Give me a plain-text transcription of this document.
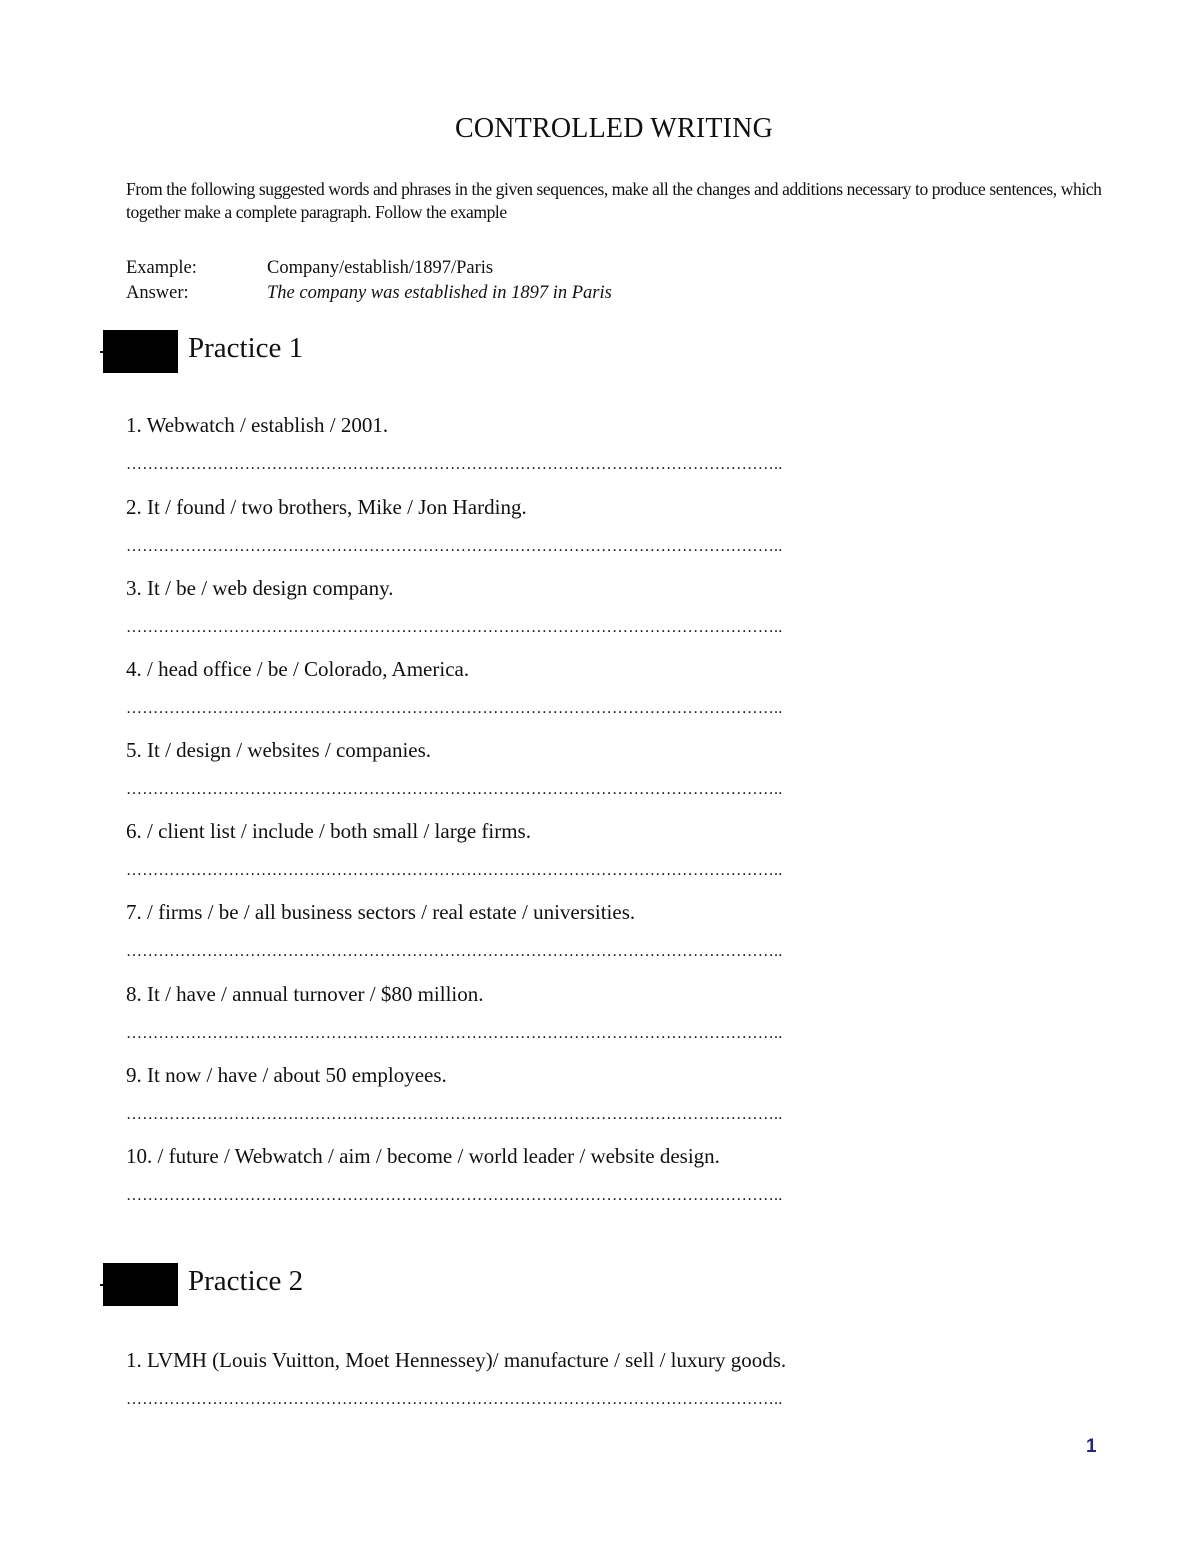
CONTROLLED WRITING
From the following suggested words and phrases in the given sequences, make all the changes and additions necessary to produce sentences, which together make a complete paragraph. Follow the example
Example:	Company/establish/1897/Paris
Answer:	The company was established in 1897 in Paris
Practice 1
1. Webwatch / establish / 2001.
…………………………………………………………………………………………………………..
2. It / found / two brothers, Mike / Jon Harding.
…………………………………………………………………………………………………………..
3. It / be / web design company.
…………………………………………………………………………………………………………..
4. / head office / be / Colorado, America.
…………………………………………………………………………………………………………..
5. It / design / websites / companies.
…………………………………………………………………………………………………………..
6. / client list / include / both small / large firms.
…………………………………………………………………………………………………………..
7. / firms / be / all business sectors / real estate / universities.
…………………………………………………………………………………………………………..
8. It / have / annual turnover / $80 million.
…………………………………………………………………………………………………………..
9. It now / have / about 50 employees.
…………………………………………………………………………………………………………..
10. / future / Webwatch / aim / become / world leader / website design.
…………………………………………………………………………………………………………..
Practice 2
1. LVMH (Louis Vuitton, Moet Hennessey)/ manufacture / sell / luxury goods.
…………………………………………………………………………………………………………..
1
